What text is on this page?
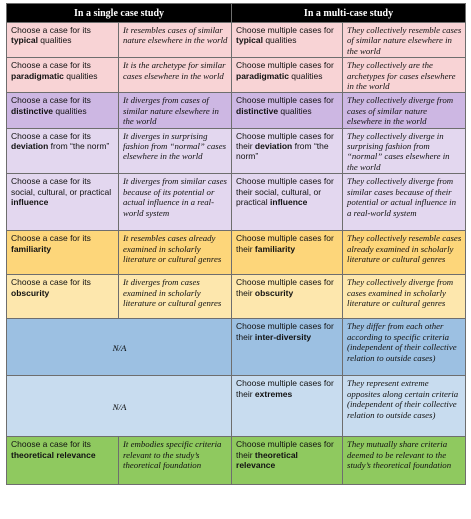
In a single case study		In a multi-case study	
Choose a case for its typical qualities	It resembles cases of similar nature elsewhere in the world	Choose multiple cases for typical qualities	They collectively resemble cases of similar nature elsewhere in the world
Choose a case for its paradigmatic qualities	It is the archetype for similar cases elsewhere in the world	Choose multiple cases for paradigmatic qualities	They collectively are the archetypes for cases elsewhere in the world
Choose a case for its distinctive qualities	It diverges from cases of similar nature elsewhere in the world	Choose multiple cases for distinctive qualities	They collectively diverge from cases of similar nature elsewhere in the world
Choose a case for its deviation from “the norm”	It diverges in surprising fashion from “normal” cases elsewhere in the world	Choose multiple cases for their deviation from “the norm”	They collectively diverge in surprising fashion from “normal” cases elsewhere in the world
Choose a case for its social, cultural, or practical influence	It diverges from similar cases because of its potential or actual influence in a real-world system	Choose multiple cases for their social, cultural, or practical influence	They collectively diverge from similar cases because of their potential or actual influence in a real-world system
Choose a case for its familiarity	It resembles cases already examined in scholarly literature or cultural genres	Choose multiple cases for their familiarity	They collectively resemble cases already examined in scholarly literature or cultural genres
Choose a case for its obscurity	It diverges from cases examined in scholarly literature or cultural genres	Choose multiple cases for their obscurity	They collectively diverge from cases examined in scholarly literature or cultural genres
N/A		Choose multiple cases for their inter-diversity	They differ from each other according to specific criteria (independent of their collective relation to outside cases)
N/A		Choose multiple cases for their extremes	They represent extreme opposites along certain criteria (independent of their collective relation to outside cases)
Choose a case for its theoretical relevance	It embodies specific criteria relevant to the study’s theoretical foundation	Choose multiple cases for their theoretical relevance	They mutually share criteria deemed to be relevant to the study’s theoretical foundation
